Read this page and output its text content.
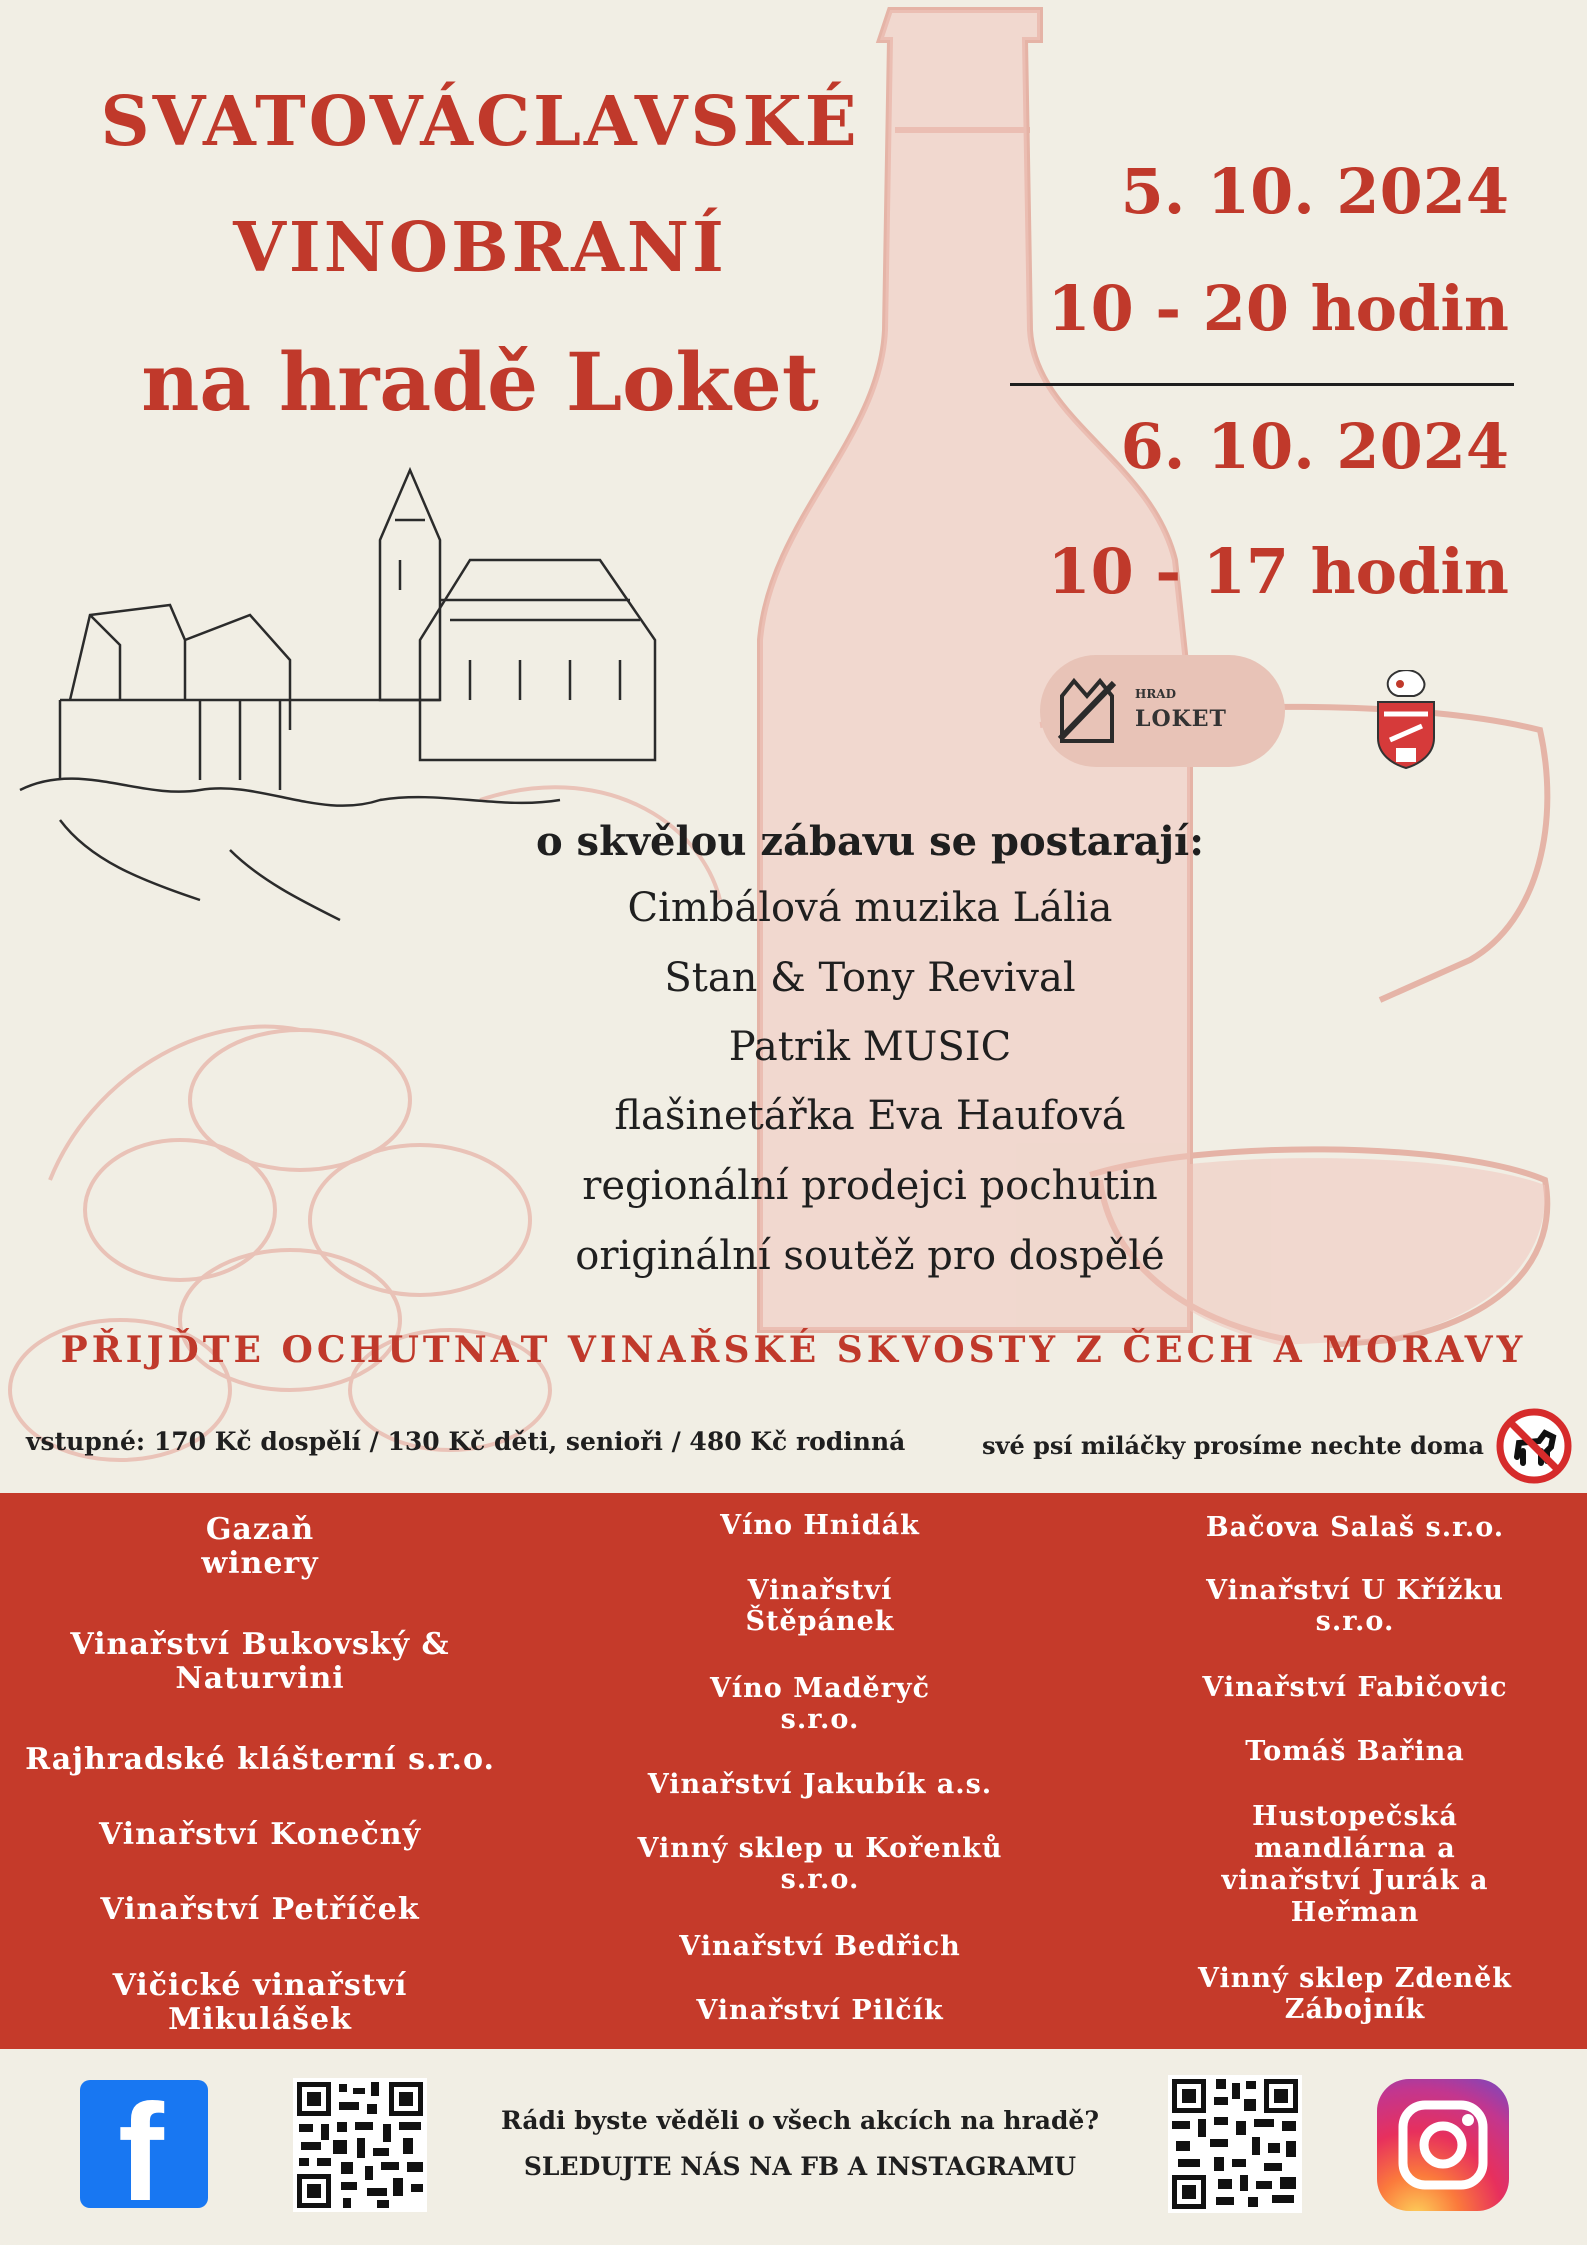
SVATOVÁCLAVSKÉ
VINOBRANÍ
na hradě Loket
5. 10. 2024
10 - 20 hodin
6. 10. 2024
10 - 17 hodin
HRAD
LOKET
o skvělou zábavu se postarají:
Cimbálová muzika Lália
Stan & Tony Revival
Patrik MUSIC
flašinetářka Eva Haufová
regionální prodejci pochutin
originální soutěž pro dospělé
PŘIJĎTE OCHUTNAT VINAŘSKÉ SKVOSTY Z ČECH A MORAVY
vstupné: 170 Kč dospělí / 130 Kč děti, senioři / 480 Kč rodinná	své psí miláčky prosíme nechte doma
Gazaň
winery
Vinařství Bukovský &
Naturvini
Rajhradské klášterní s.r.o.
Vinařství Konečný
Vinařství Petříček
Vičické vinařství Mikulášek
Víno Hnidák
Vinařství
Štěpánek
Víno Maděryč
s.r.o.
Vinařství Jakubík a.s.
Vinný sklep u Kořenků
s.r.o.
Vinařství Bedřich
Vinařství Pilčík
Bačova Salaš s.r.o.
Vinařství U Křížku
s.r.o.
Vinařství Fabičovic
Tomáš Bařina
Hustopečská
mandlárna a
vinařství Jurák a
Heřman
Vinný sklep Zdeněk
Zábojník
f	Rádi byste věděli o všech akcích na hradě?
SLEDUJTE NÁS NA FB A INSTAGRAMU
